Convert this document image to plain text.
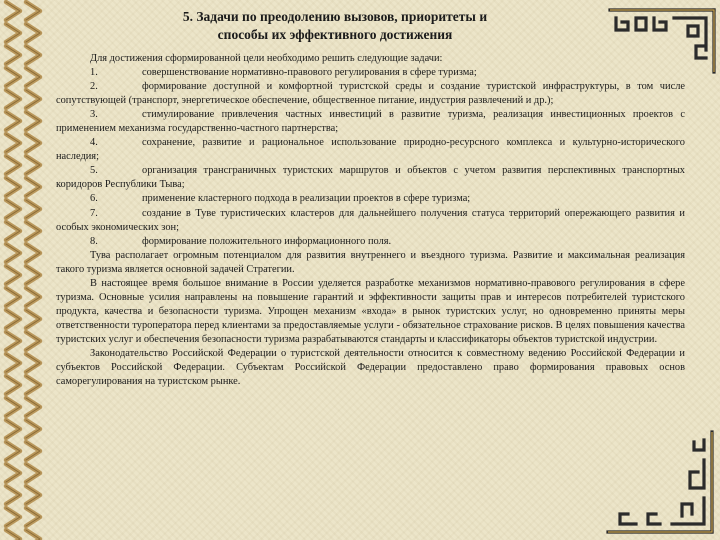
5. Задачи по преодолению вызовов, приоритеты и
способы их эффективного достижения

Для достижения сформированной цели необходимо решить следующие задачи:

1.	совершенствование нормативно-правового регулирования в сфере туризма;

2.	формирование доступной и комфортной туристской среды и создание туристской инфраструктуры, в том числе сопутствующей (транспорт, энергетическое обеспечение, общественное питание, индустрия развлечений и др.);

3.	стимулирование привлечения частных инвестиций в развитие туризма, реализация инвестиционных проектов с применением механизма государственно-частного партнерства;

4.	сохранение, развитие и рациональное использование природно-ресурсного комплекса и культурно-исторического наследия;

5.	организация трансграничных туристских маршрутов и объектов с учетом развития перспективных транспортных коридоров Республики Тыва;

6.	применение кластерного подхода в реализации проектов в сфере туризма;

7.	создание в Туве туристических кластеров для дальнейшего получения статуса территорий опережающего развития и особых экономических зон;

8.	формирование положительного информационного поля.

Тува располагает огромным потенциалом для развития внутреннего и въездного туризма. Развитие и максимальная реализация такого туризма является основной задачей Стратегии.

В настоящее время большое внимание в России уделяется разработке механизмов нормативно-правового регулирования в сфере туризма. Основные усилия направлены на повышение гарантий и эффективности защиты прав и интересов потребителей туристского продукта, качества и безопасности туризма. Упрощен механизм «входа» в рынок туристских услуг, но одновременно приняты меры ответственности туроператора перед клиентами за предоставляемые услуги - обязательное страхование рисков. В целях повышения качества туристских услуг и обеспечения безопасности туризма разрабатываются стандарты и классификаторы объектов туристской индустрии.

Законодательство Российской Федерации о туристской деятельности относится к совместному ведению Российской Федерации и субъектов Российской Федерации. Субъектам Российской Федерации предоставлено право формирования правовых основ саморегулирования на туристском рынке.
